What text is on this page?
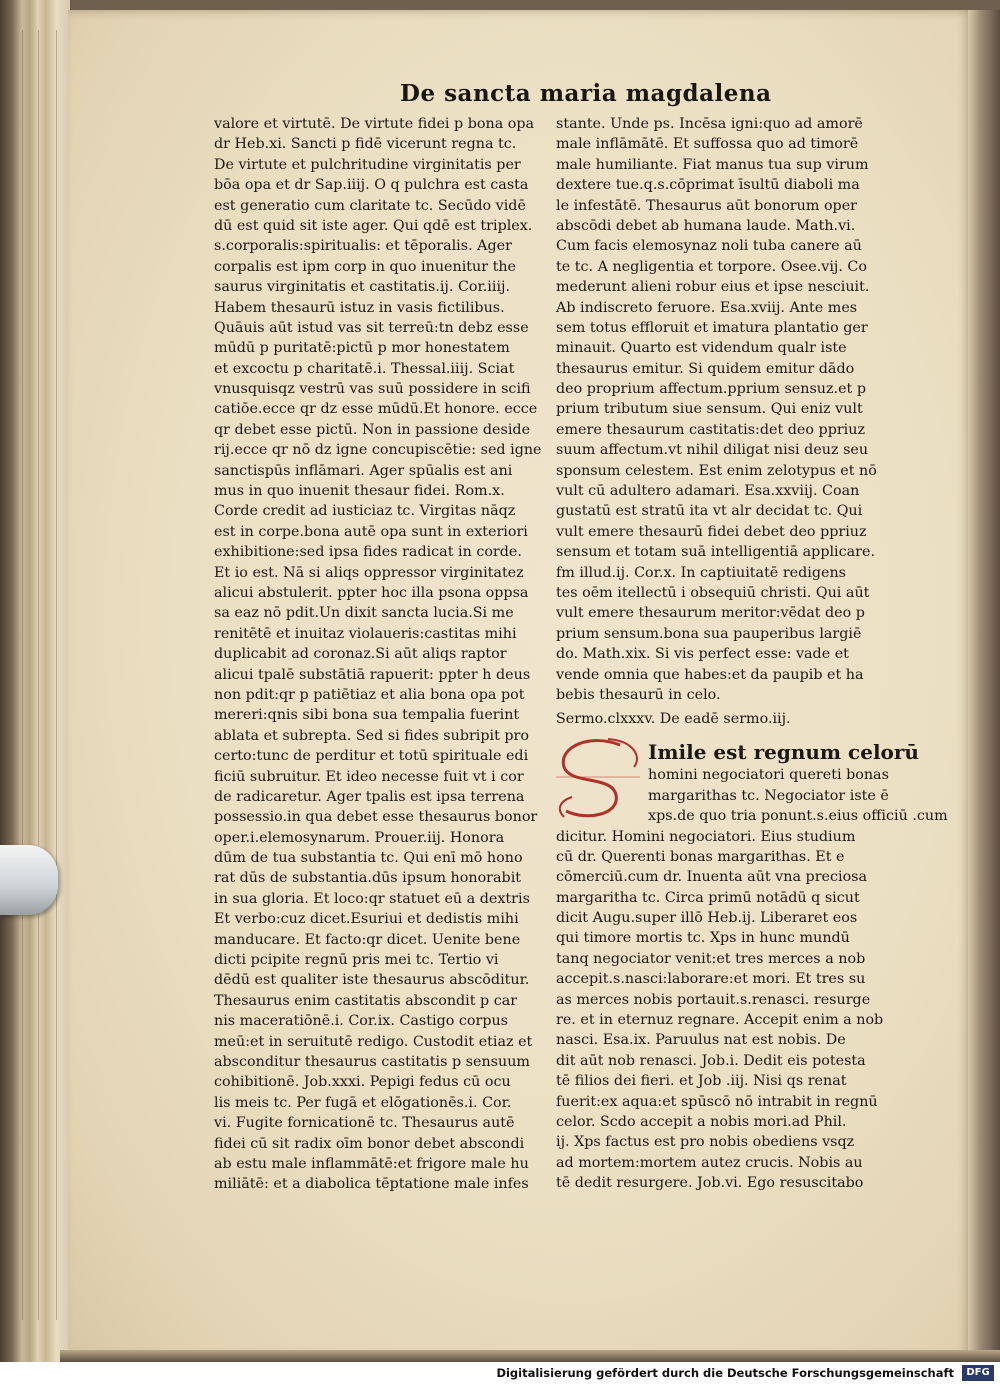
De sancta maria magdalena
valore et virtutē. De virtute fidei p bona opa
dr Heb.xi. Sancti p fidē vicerunt regna tc.
De virtute et pulchritudine virginitatis per
bōa opa et dr Sap.iiij. O q pulchra est casta
est generatio cum claritate tc. Secūdo vidē
dū est quid sit iste ager. Qui qdē est triplex.
s.corporalis:spiritualis: et tēporalis. Ager
corpalis est ipm corp in quo inuenitur the
saurus virginitatis et castitatis.ij. Cor.iiij.
Habem thesaurū istuz in vasis fictilibus.
Quāuis aūt istud vas sit terreū:tn debz esse
mūdū p puritatē:pictū p mor honestatem
et excoctu p charitatē.i. Thessal.iiij. Sciat
vnusquisqz vestrū vas suū possidere in scifi
catiōe.ecce qr dz esse mūdū.Et honore. ecce
qr debet esse pictū. Non in passione deside
rij.ecce qr nō dz igne concupiscētie: sed igne
sanctispūs inflāmari. Ager spūalis est ani
mus in quo inuenit thesaur fidei. Rom.x.
Corde credit ad iusticiaz tc. Virgitas nāqz
est in corpe.bona autē opa sunt in exteriori
exhibitione:sed ipsa fides radicat in corde.
Et io est. Nā si aliqs oppressor virginitatez
alicui abstulerit. ppter hoc illa psona oppsa
sa eaz nō pdit.Un dixit sancta lucia.Si me
renitētē et inuitaz violaueris:castitas mihi
duplicabit ad coronaz.Si aūt aliqs raptor
alicui tpalē substātiā rapuerit: ppter h deus
non pdit:qr p patiētiaz et alia bona opa pot
mereri:qnis sibi bona sua tempalia fuerint
ablata et subrepta. Sed si fides subripit pro
certo:tunc de perditur et totū spirituale edi
ficiū subruitur. Et ideo necesse fuit vt i cor
de radicaretur. Ager tpalis est ipsa terrena
possessio.in qua debet esse thesaurus bonor
oper.i.elemosynarum. Prouer.iij. Honora
dūm de tua substantia tc. Qui enī mō hono
rat dūs de substantia.dūs ipsum honorabit
in sua gloria. Et loco:qr statuet eū a dextris
Et verbo:cuz dicet.Esuriui et dedistis mihi
manducare. Et facto:qr dicet. Uenite bene
dicti pcipite regnū pris mei tc. Tertio vi
dēdū est qualiter iste thesaurus abscōditur.
Thesaurus enim castitatis abscondit p car
nis maceratiōnē.i. Cor.ix. Castigo corpus
meū:et in seruitutē redigo. Custodit etiaz et
absconditur thesaurus castitatis p sensuum
cohibitionē. Job.xxxi. Pepigi fedus cū ocu
lis meis tc. Per fugā et elōgationēs.i. Cor.
vi. Fugite fornicationē tc. Thesaurus autē
fidei cū sit radix oīm bonor debet abscondi
ab estu male inflammātē:et frigore male hu
miliātē: et a diabolica tēptatione male infes
stante. Unde ps. Incēsa igni:quo ad amorē
male inflāmātē. Et suffossa quo ad timorē
male humiliante. Fiat manus tua sup virum
dextere tue.q.s.cōprimat īsultū diaboli ma
le infestātē. Thesaurus aūt bonorum oper
abscōdi debet ab humana laude. Math.vi.
Cum facis elemosynaz noli tuba canere aū
te tc. A negligentia et torpore. Osee.vij. Co
mederunt alieni robur eius et ipse nesciuit.
Ab indiscreto feruore. Esa.xviij. Ante mes
sem totus effloruit et imatura plantatio ger
minauit. Quarto est videndum qualr iste
thesaurus emitur. Si quidem emitur dādo
deo proprium affectum.pprium sensuz.et p
prium tributum siue sensum. Qui eniz vult
emere thesaurum castitatis:det deo ppriuz
suum affectum.vt nihil diligat nisi deuz seu
sponsum celestem. Est enim zelotypus et nō
vult cū adultero adamari. Esa.xxviij. Coan
gustatū est stratū ita vt alr decidat tc. Qui
vult emere thesaurū fidei debet deo ppriuz
sensum et totam suā intelligentiā applicare.
fm illud.ij. Cor.x. In captiuitatē redigens
tes oēm itellectū i obsequiū christi. Qui aūt
vult emere thesaurum meritor:vēdat deo p
prium sensum.bona sua pauperibus largiē
do. Math.xix. Si vis perfect esse: vade et
vende omnia que habes:et da paupib et ha
bebis thesaurū in celo.
Sermo.clxxxv. De eadē sermo.iij.
Imile est regnum celorū
homini negociatori quereti bonas
margarithas tc. Negociator iste ē
xps.de quo tria ponunt.s.eius officiū .cum
dicitur. Homini negociatori. Eius studium
cū dr. Querenti bonas margarithas. Et e
cōmerciū.cum dr. Inuenta aūt vna preciosa
margaritha tc. Circa primū notādū q sicut
dicit Augu.super illō Heb.ij. Liberaret eos
qui timore mortis tc. Xps in hunc mundū
tanq negociator venit:et tres merces a nob
accepit.s.nasci:laborare:et mori. Et tres su
as merces nobis portauit.s.renasci. resurge
re. et in eternuz regnare. Accepit enim a nob
nasci. Esa.ix. Paruulus nat est nobis. De
dit aūt nob renasci. Job.i. Dedit eis potesta
tē filios dei fieri. et Job .iij. Nisi qs renat
fuerit:ex aqua:et spūscō nō intrabit in regnū
celor. Scdo accepit a nobis mori.ad Phil.
ij. Xps factus est pro nobis obediens vsqz
ad mortem:mortem autez crucis. Nobis au
tē dedit resurgere. Job.vi. Ego resuscitabo
Digitalisierung gefördert durch die Deutsche Forschungsgemeinschaft	DFG
